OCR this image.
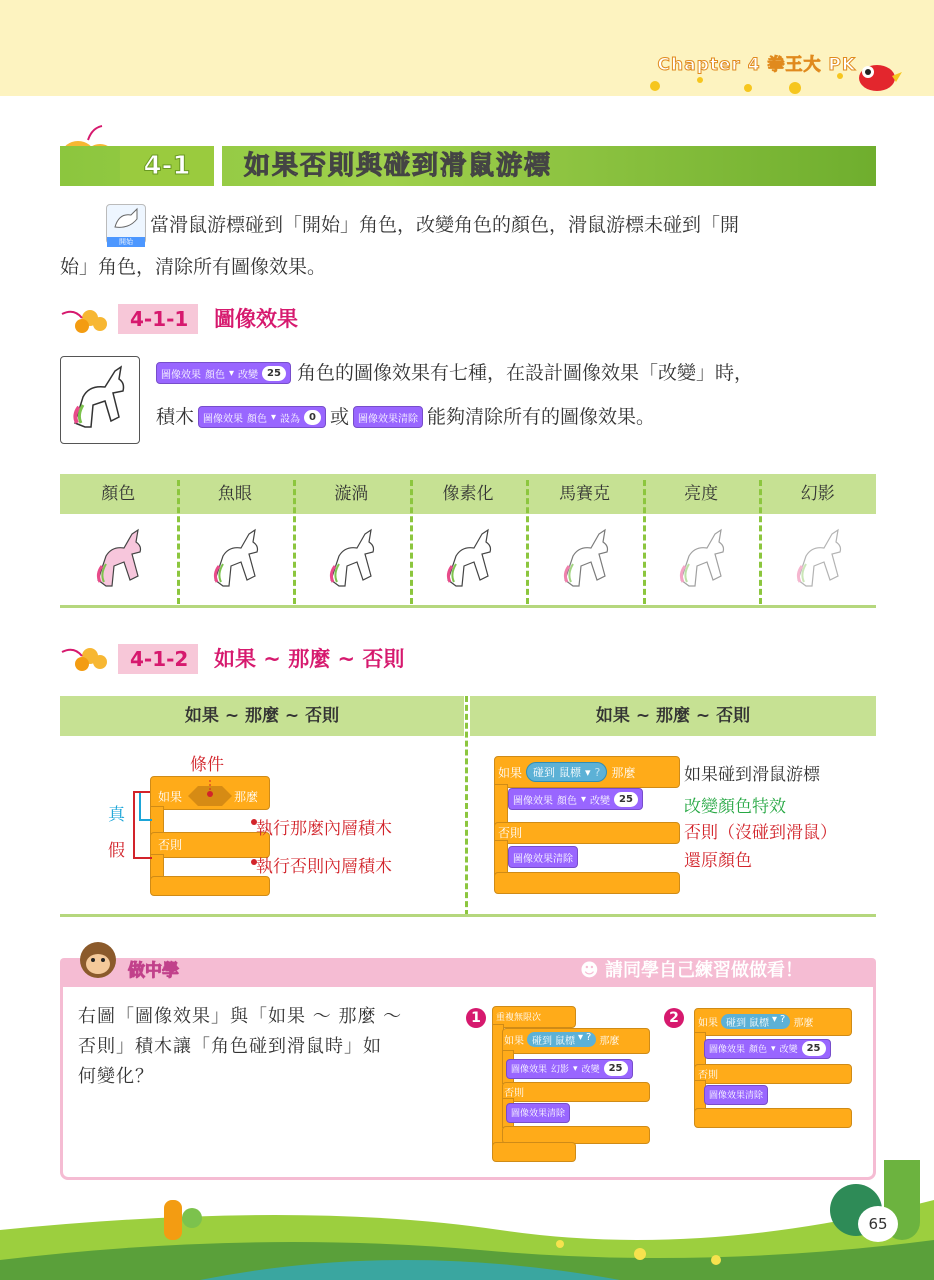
Chapter 4 拳王大 PK
4-1	如果否則與碰到滑鼠游標
開始
當滑鼠游標碰到「開始」角色，改變角色的顏色，滑鼠游標未碰到「開
始」角色，清除所有圖像效果。
4-1-1 圖像效果
圖像效果 顏色 ▾ 改變 25 角色的圖像效果有七種，在設計圖像效果「改變」時，
積木 圖像效果 顏色 ▾ 設為 0 或 圖像效果清除 能夠清除所有的圖像效果。
顏色	魚眼	漩渦	像素化	馬賽克	亮度	幻影
4-1-2 如果 ~ 那麼 ~ 否則
如果 ~ 那麼 ~ 否則	如果 ~ 那麼 ~ 否則
如果	那麼
否則
條件
真
假
執行那麼內層積木
執行否則內層積木
如果 碰到 鼠標 ▾ ? 那麼
圖像效果 顏色 ▾ 改變 25
否則
圖像效果清除
如果碰到滑鼠游標
改變顏色特效
否則（沒碰到滑鼠）
還原顏色
做中學	☻ 請同學自己練習做做看！
右圖「圖像效果」與「如果 ～ 那麼 ～
否則」積木讓「角色碰到滑鼠時」如
何變化？
1	重複無限次
如果 碰到 鼠標 ▾ ? 那麼
圖像效果 幻影 ▾ 改變 25
否則
圖像效果清除
2	如果 碰到 鼠標 ▾ ? 那麼
圖像效果 顏色 ▾ 改變 25
否則
圖像效果清除
65
